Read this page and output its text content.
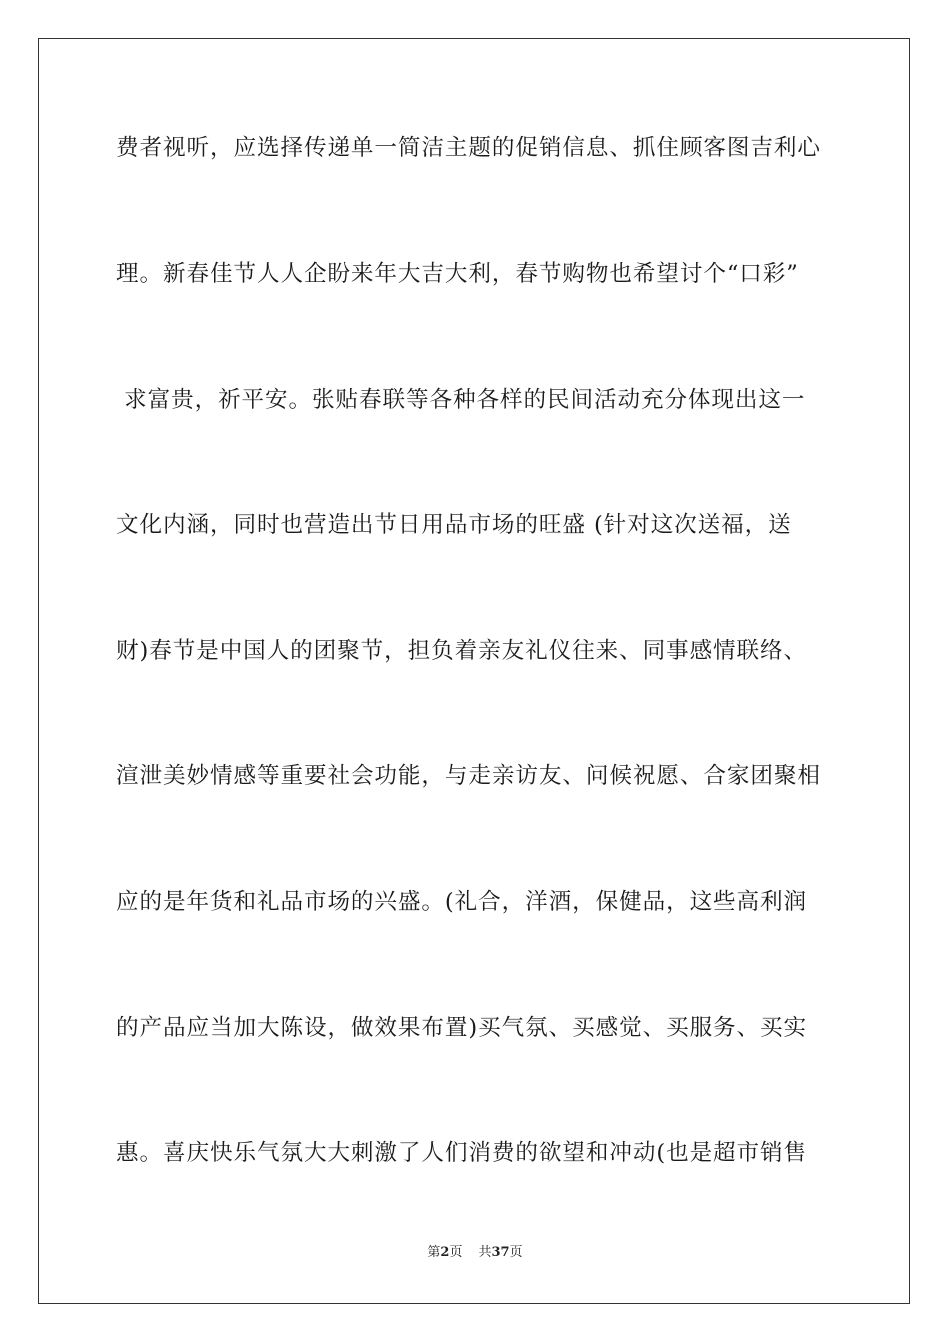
费者视听，应选择传递单一简洁主题的促销信息、抓住顾客图吉利心
理。新春佳节人人企盼来年大吉大利，春节购物也希望讨个“口彩”
求富贵，祈平安。张贴春联等各种各样的民间活动充分体现出这一
文化内涵，同时也营造出节日用品市场的旺盛 (针对这次送福，送
财)春节是中国人的团聚节，担负着亲友礼仪往来、同事感情联络、
渲泄美妙情感等重要社会功能，与走亲访友、问候祝愿、合家团聚相
应的是年货和礼品市场的兴盛。(礼合，洋酒，保健品，这些高利润
的产品应当加大陈设，做效果布置)买气氛、买感觉、买服务、买实
惠。喜庆快乐气氛大大刺激了人们消费的欲望和冲动(也是超市销售
第2页 共37页
